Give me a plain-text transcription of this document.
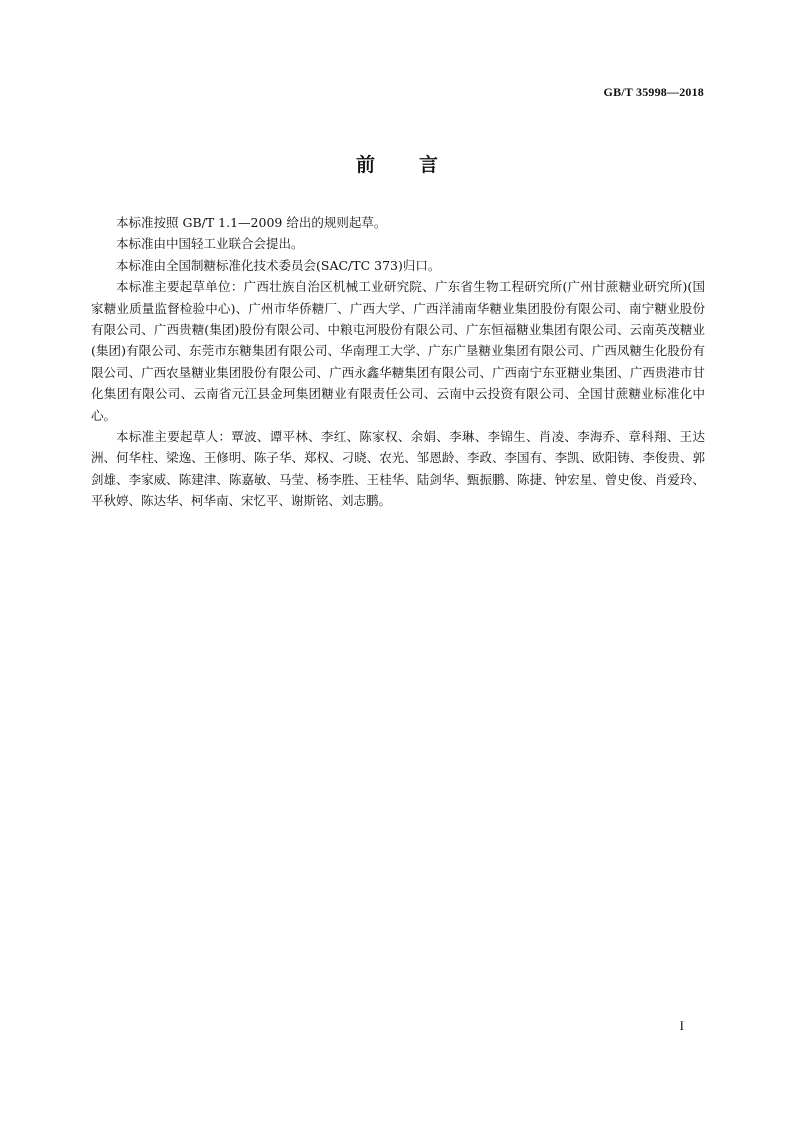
GB/T 35998—2018
前言

本标准按照 GB/T 1.1—2009 给出的规则起草。

本标准由中国轻工业联合会提出。

本标准由全国制糖标准化技术委员会(SAC/TC 373)归口。

本标准主要起草单位：广西壮族自治区机械工业研究院、广东省生物工程研究所(广州甘蔗糖业研究所)(国家糖业质量监督检验中心)、广州市华侨糖厂、广西大学、广西洋浦南华糖业集团股份有限公司、南宁糖业股份有限公司、广西贵糖(集团)股份有限公司、中粮屯河股份有限公司、广东恒福糖业集团有限公司、云南英茂糖业(集团)有限公司、东莞市东糖集团有限公司、华南理工大学、广东广垦糖业集团有限公司、广西凤糖生化股份有限公司、广西农垦糖业集团股份有限公司、广西永鑫华糖集团有限公司、广西南宁东亚糖业集团、广西贵港市甘化集团有限公司、云南省元江县金珂集团糖业有限责任公司、云南中云投资有限公司、全国甘蔗糖业标准化中心。

本标准主要起草人：覃波、谭平林、李红、陈家权、余娟、李琳、李锦生、肖凌、李海乔、章科翔、王达洲、何华柱、梁逸、王修明、陈子华、郑权、刁晓、农光、邹恩龄、李政、李国有、李凯、欧阳铸、李俊贵、郭剑雄、李家威、陈建津、陈嘉敏、马莹、杨李胜、王桂华、陆剑华、甄振鹏、陈捷、钟宏星、曾史俊、肖爱玲、平秋婷、陈达华、柯华南、宋忆平、谢斯铭、刘志鹏。

I
